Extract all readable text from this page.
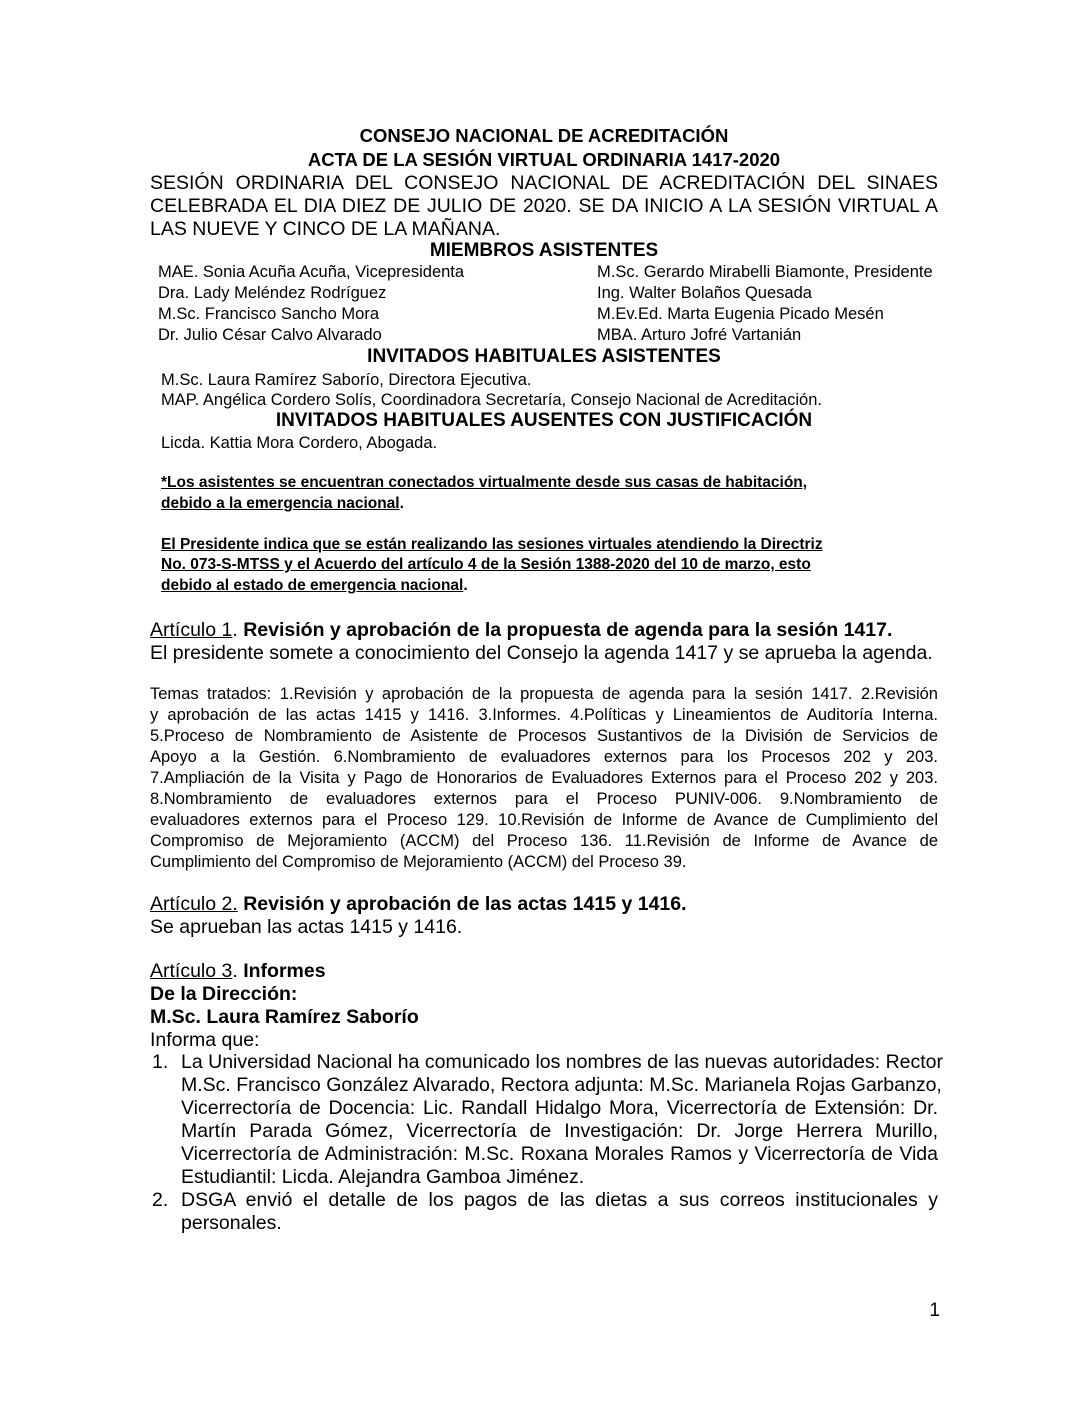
CONSEJO NACIONAL DE ACREDITACIÓN
ACTA DE LA SESIÓN VIRTUAL ORDINARIA 1417-2020
SESIÓN ORDINARIA DEL CONSEJO NACIONAL DE ACREDITACIÓN DEL SINAES
CELEBRADA EL DIA DIEZ DE JULIO DE 2020. SE DA INICIO A LA SESIÓN VIRTUAL A
LAS NUEVE Y CINCO DE LA MAÑANA.
MIEMBROS ASISTENTES
MAE. Sonia Acuña Acuña, Vicepresidenta
Dra. Lady Meléndez Rodríguez
M.Sc. Francisco Sancho Mora
Dr. Julio César Calvo Alvarado
M.Sc. Gerardo Mirabelli Biamonte, Presidente
Ing. Walter Bolaños Quesada
M.Ev.Ed. Marta Eugenia Picado Mesén
MBA. Arturo Jofré Vartanián
INVITADOS HABITUALES ASISTENTES
M.Sc. Laura Ramírez Saborío, Directora Ejecutiva.
MAP. Angélica Cordero Solís, Coordinadora Secretaría, Consejo Nacional de Acreditación.
INVITADOS HABITUALES AUSENTES CON JUSTIFICACIÓN
Licda. Kattia Mora Cordero, Abogada.
*Los asistentes se encuentran conectados virtualmente desde sus casas de habitación,
debido a la emergencia nacional.
El Presidente indica que se están realizando las sesiones virtuales atendiendo la Directriz
No. 073-S-MTSS y el Acuerdo del artículo 4 de la Sesión 1388-2020 del 10 de marzo, esto
debido al estado de emergencia nacional.
Artículo 1. Revisión y aprobación de la propuesta de agenda para la sesión 1417.
El presidente somete a conocimiento del Consejo la agenda 1417 y se aprueba la agenda.
Temas tratados: 1.Revisión y aprobación de la propuesta de agenda para la sesión 1417. 2.Revisión
y aprobación de las actas 1415 y 1416. 3.Informes. 4.Políticas y Lineamientos de Auditoría Interna.
5.Proceso de Nombramiento de Asistente de Procesos Sustantivos de la División de Servicios de
Apoyo a la Gestión. 6.Nombramiento de evaluadores externos para los Procesos 202 y 203.
7.Ampliación de la Visita y Pago de Honorarios de Evaluadores Externos para el Proceso 202 y 203.
8.Nombramiento de evaluadores externos para el Proceso PUNIV-006. 9.Nombramiento de
evaluadores externos para el Proceso 129. 10.Revisión de Informe de Avance de Cumplimiento del
Compromiso de Mejoramiento (ACCM) del Proceso 136. 11.Revisión de Informe de Avance de
Cumplimiento del Compromiso de Mejoramiento (ACCM) del Proceso 39.
Artículo 2. Revisión y aprobación de las actas 1415 y 1416.
Se aprueban las actas 1415 y 1416.
Artículo 3. Informes
De la Dirección:
M.Sc. Laura Ramírez Saborío
Informa que:
1. La Universidad Nacional ha comunicado los nombres de las nuevas autoridades: Rector
M.Sc. Francisco González Alvarado, Rectora adjunta: M.Sc. Marianela Rojas Garbanzo,
Vicerrectoría de Docencia: Lic. Randall Hidalgo Mora, Vicerrectoría de Extensión: Dr.
Martín Parada Gómez, Vicerrectoría de Investigación: Dr. Jorge Herrera Murillo,
Vicerrectoría de Administración: M.Sc. Roxana Morales Ramos y Vicerrectoría de Vida
Estudiantil: Licda. Alejandra Gamboa Jiménez.
2. DSGA envió el detalle de los pagos de las dietas a sus correos institucionales y
personales.
1
